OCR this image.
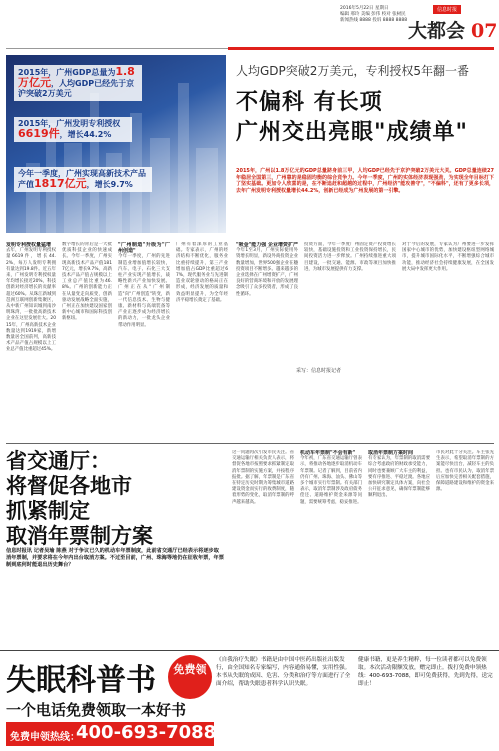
2016年5月22日 星期日
编辑 邢玲 美编 彭伟 校对 张树民
新闻热线 8888 投诉 8888 8888
信息时报
大都会 07
2015年，广州GDP总量为1.8万亿元，人均GDP已经先于京沪突破2万美元
2015年，广州发明专利授权6619件，增长44.2%
今年一季度，广州实现高新技术产品产值1817亿元，增长9.7%
人均GDP突破2万美元，专利授权5年翻一番
不偏科 有长项
广州交出亮眼"成绩单"
2015年，广州以1.8万亿元的GDP总量跻身前三甲，人均GDP已经先于京沪突破2万美元大关。GDP总量连续27年稳居全国第三，广州靠的是稳固均衡的综合竞争力。今年一季度，广州的实体经济表现强劲，为实现全年目标打下了坚实基础。更加令人欣喜的是，在不断追赶和超越的过程中，广州经济"能攻善守"，"不偏科"，还有了更多长项，去年广州发明专利授权量增长44.2%，创新已经成为广州发展的第一引擎。
发明专利授权量猛增
去年，广州发明专利授权量6619件，增长44.2%，每万人发明专利拥有量达到19.8件。近五年来，广州发明专利授权量年均增长接近20%，科技创新对经济增长的贡献率超过60%。从珠江新城到琶洲互联网创新集聚区，从中新广州知识城到南沙明珠湾，一批批高新技术企业在这里发展壮大。2015年，广州高新技术企业数量达到1919家，新增数量居全国前列，高新技术产品产值占规模以上工业总产值比重超过45%。
数字增长的背后是一大批优质科技企业的快速成长。今年一季度，广州实现高新技术产品产值1817亿元，增长9.7%，高新技术产品产值占规模以上工业总产值比重为46.8%。广州的创新能力正在从量变走向质变，创新驱动发展战略全面实施，广州正在加快建设国家创新中心城市和国际科技创新枢纽。
"广州制造"升级为"广州创造"
今年一季度，广州的先进制造业增加值增长较快，汽车、电子、石化三大支柱产业实现产值增长，战略性新兴产业加快发展。广州正在从"广州制造"向"广州创造"转变，新一代信息技术、生物与健康、新材料与高端装备等产业正逐步成为经济增长的新动力，一批龙头企业带动作用明显。
广州有着深厚的工业基础。专家表示，广州的经济结构不断优化，服务业比重持续提升，第三产业增加值占GDP比重超过67%，现代服务业与先进制造业双轮驱动的格局正在形成，经济发展的质量和效益明显提升，为全年经济平稳增长奠定了基础。
"吸金"能力强 企业增资扩产
今年1至3月，广州实际使用外资增长明显，新设外商投资企业数量增加，世界500强企业在穗投资项目不断增多。越来越多的企业选择在广州增资扩产，广州良好的营商环境和开放的发展理念吸引了众多投资者，形成了良性循环。
投资方面，今年一季度广州固定资产投资增长较快，基础设施投资和工业投资保持增长，民间投资活力进一步释放。广州持续推进重大项目建设，一批交通、能源、市政等项目加快推进，为城市发展提供有力支撑。
对于今后的发展，专家认为广州要进一步发挥国家中心城市的优势，加快建设枢纽型网络城市，提升城市国际化水平，不断增强综合城市功能，推动经济社会持续健康发展，在全国发展大局中发挥更大作用。
采写：信息时报记者
省交通厅：
将督促各地市
抓紧制定
取消年票制方案
信息时报讯 记者吴瑜 陈燕 对于争议已久的机动车年票制度，此前省交通厅已经表示将逐步取消年票制，并要求将在今年内出台取消方案。不过至目前，广州、珠海等地仍在征收年票，年票制到底何时能退出历史舞台？
这一问题再次引发市民关注。省交通运输厅相关负责人表示，将督促各地市按照要求抓紧制定取消年票制的实施方案，并按程序报批。据了解，年票制是广东省在特定历史时期为筹集城市道路建设资金而实行的收费制度，随着形势的变化，取消年票制的呼声越来越高。
机动车年票制"不会有新"
今年初，广东省交通运输厅曾表示，将推动各地逐步取消机动车年票制。记者了解到，目前省内仍有广州、珠海、汕头、佛山等多个城市实行年票制。有关部门表示，取消年票制涉及政府债务偿还、道路维护资金来源等问题，需要统筹考虑，稳妥推进。
取消年票制方案时间
有专家认为，年票制的取消需要综合考虑政府的财政承受能力，同时也要兼顾广大车主的利益，要有序推进、平稳过渡。各地应加快研究制定具体方案，向社会公开征求意见，确保年票制能够顺利退出。
市民对此十分关注。车主张先生表示，希望取消年票制的方案能尽快出台，减轻车主的负担。也有市民认为，取消年票后应加快完善相关配套措施，保障道路建设和维护的资金来源。
失眠科普书	免费领
一个电话免费领取一本好书
免费申领热线：
400-693-7088
《自我治疗失眠》书籍是由中国中医药出版社出版发行，由全国知名专家编写，内容通俗易懂，实用性强。本书从失眠的成因、危害、分类和治疗等方面进行了全面介绍，帮助失眠患者科学认识失眠。
健康书籍，更是养生精粹，每一位读者都可以免费领取。本次活动限额发放，赠完即止。拨打免费申领热线：400-693-7088，即可免费获得，先到先得，送完即止！
